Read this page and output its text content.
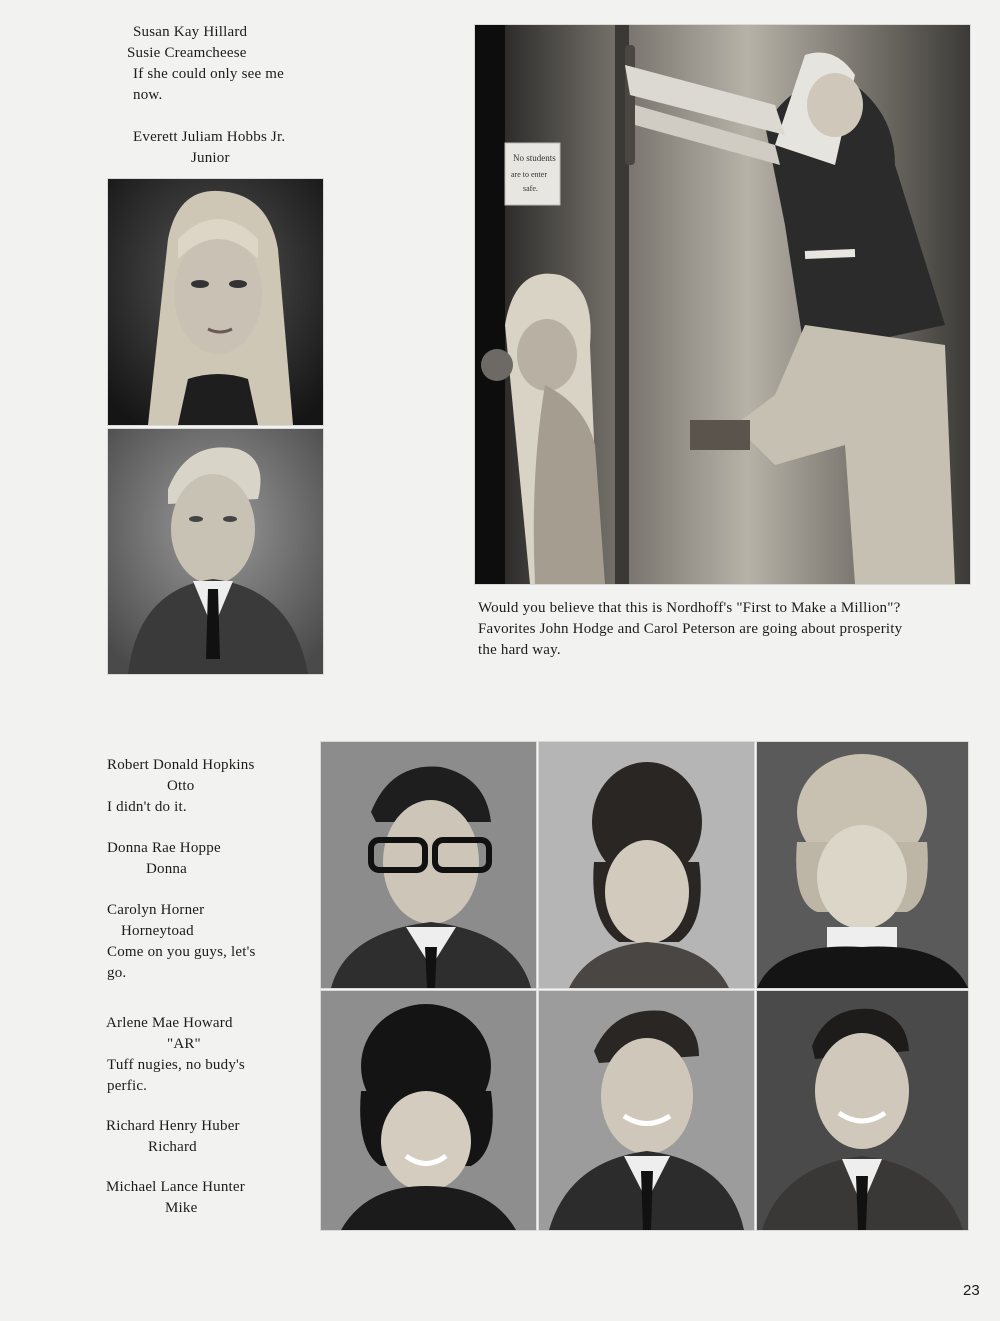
Susan Kay Hillard
Susie Creamcheese
If she could only see me
now.
Everett Juliam Hobbs Jr.
Junior	No students
are to enter
safe.
Would you believe that this is Nordhoff's "First to Make a Million"?
Favorites John Hodge and Carol Peterson are going about prosperity
the hard way.
Robert Donald Hopkins
Otto
I didn't do it.
Donna Rae Hoppe
Donna
Carolyn Horner
Horneytoad
Come on you guys, let's
go.
Arlene Mae Howard
"AR"
Tuff nugies, no budy's
perfic.
Richard Henry Huber
Richard
Michael Lance Hunter
Mike
23
